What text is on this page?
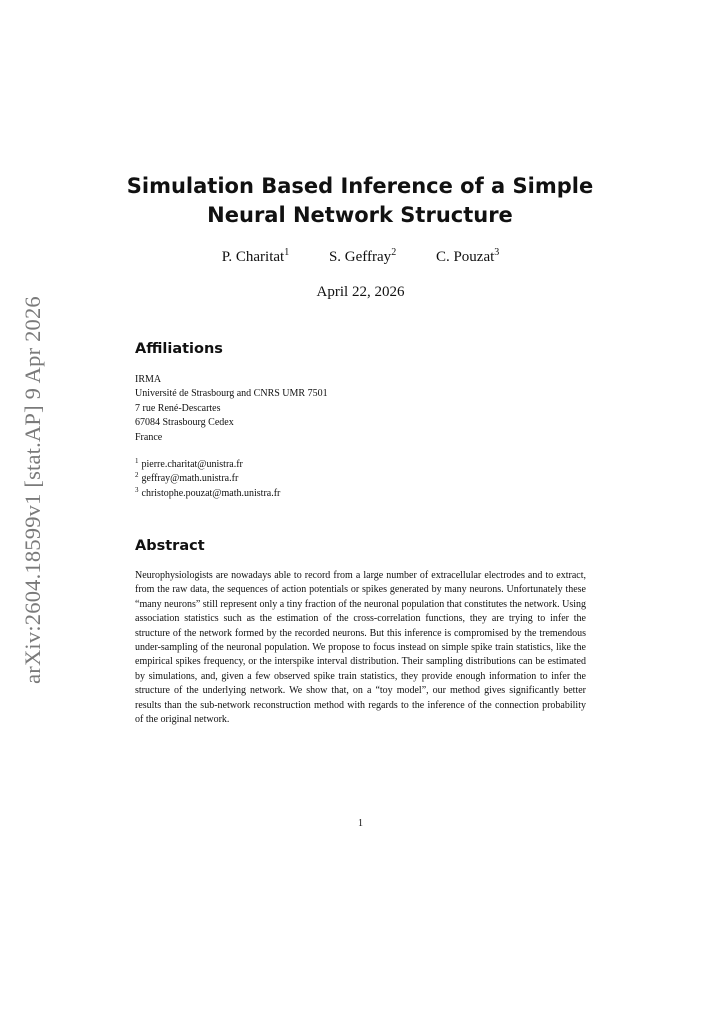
arXiv:2604.18599v1 [stat.AP] 9 Apr 2026
Simulation Based Inference of a Simple
Neural Network Structure
P. Charitat$^1$	S. Geffray$^2$	C. Pouzat$^3$
April 22, 2026
Affiliations
IRMA
Université de Strasbourg and CNRS UMR 7501
7 rue René-Descartes
67084 Strasbourg Cedex
France
$^1$ pierre.charitat@unistra.fr
$^2$ geffray@math.unistra.fr
$^3$ christophe.pouzat@math.unistra.fr
Abstract

Neurophysiologists are nowadays able to record from a large number of extracellular electrodes and to extract, from the raw data, the sequences of action potentials or spikes generated by many neurons. Unfortunately these “many neurons” still represent only a tiny fraction of the neuronal population that constitutes the network. Using association statistics such as the estimation of the cross-correlation functions, they are trying to infer the structure of the network formed by the recorded neurons. But this inference is compromised by the tremendous under-sampling of the neuronal population. We propose to focus instead on simple spike train statistics, like the empirical spikes frequency, or the interspike interval distribution. Their sampling distributions can be estimated by simulations, and, given a few observed spike train statistics, they provide enough information to infer the structure of the underlying network. We show that, on a “toy model”, our method gives significantly better results than the sub-network reconstruction method with regards to the inference of the connection probability of the original network.

1
